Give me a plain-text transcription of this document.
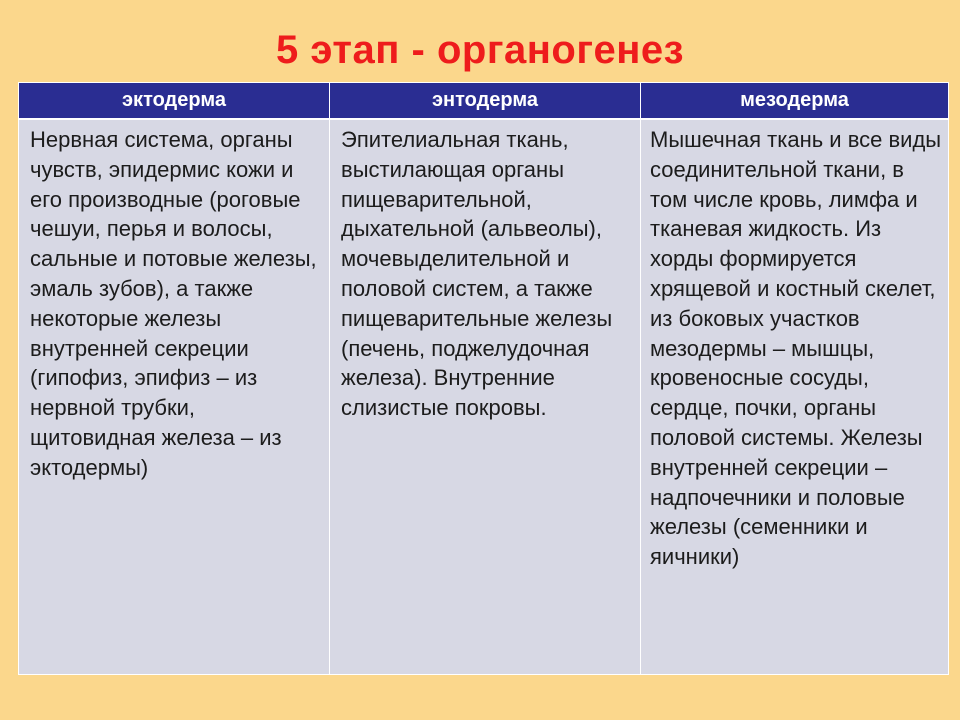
5 этап - органогенез
эктодерма	энтодерма	мезодерма
Нервная система, органы чувств, эпидермис кожи и его производные (роговые чешуи, перья и волосы, сальные и потовые железы, эмаль зубов), а также некоторые железы внутренней секреции (гипофиз, эпифиз – из нервной трубки, щитовидная железа – из эктодермы)
Эпителиальная ткань, выстилающая органы пищеварительной, дыхательной (альвеолы), мочевыделительной и половой систем, а также пищеварительные железы (печень, поджелудочная железа). Внутренние слизистые покровы.
Мышечная ткань и все виды соединительной ткани, в том числе кровь, лимфа и тканевая жидкость. Из хорды формируется хрящевой и костный скелет, из боковых участков мезодермы – мышцы, кровеносные сосуды, сердце, почки, органы половой системы. Железы внутренней секреции – надпочечники и половые железы (семенники и яичники)
